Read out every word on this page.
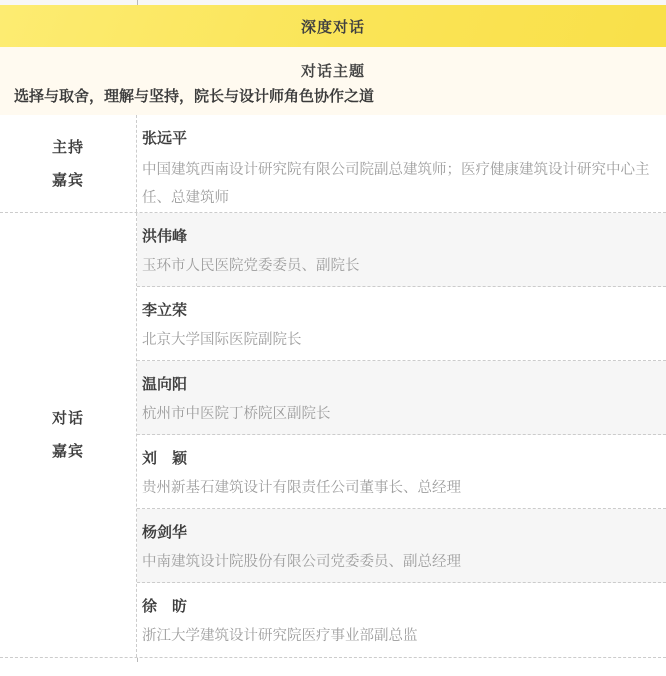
深度对话
对话主题
选择与取舍，理解与坚持，院长与设计师角色协作之道
主持
嘉宾
张远平
中国建筑西南设计研究院有限公司院副总建筑师；医疗健康建筑设计研究中心主任、总建筑师
对话
嘉宾
洪伟峰
玉环市人民医院党委委员、副院长
李立荣
北京大学国际医院副院长
温向阳
杭州市中医院丁桥院区副院长
刘　颖
贵州新基石建筑设计有限责任公司董事长、总经理
杨剑华
中南建筑设计院股份有限公司党委委员、副总经理
徐　昉
浙江大学建筑设计研究院医疗事业部副总监
